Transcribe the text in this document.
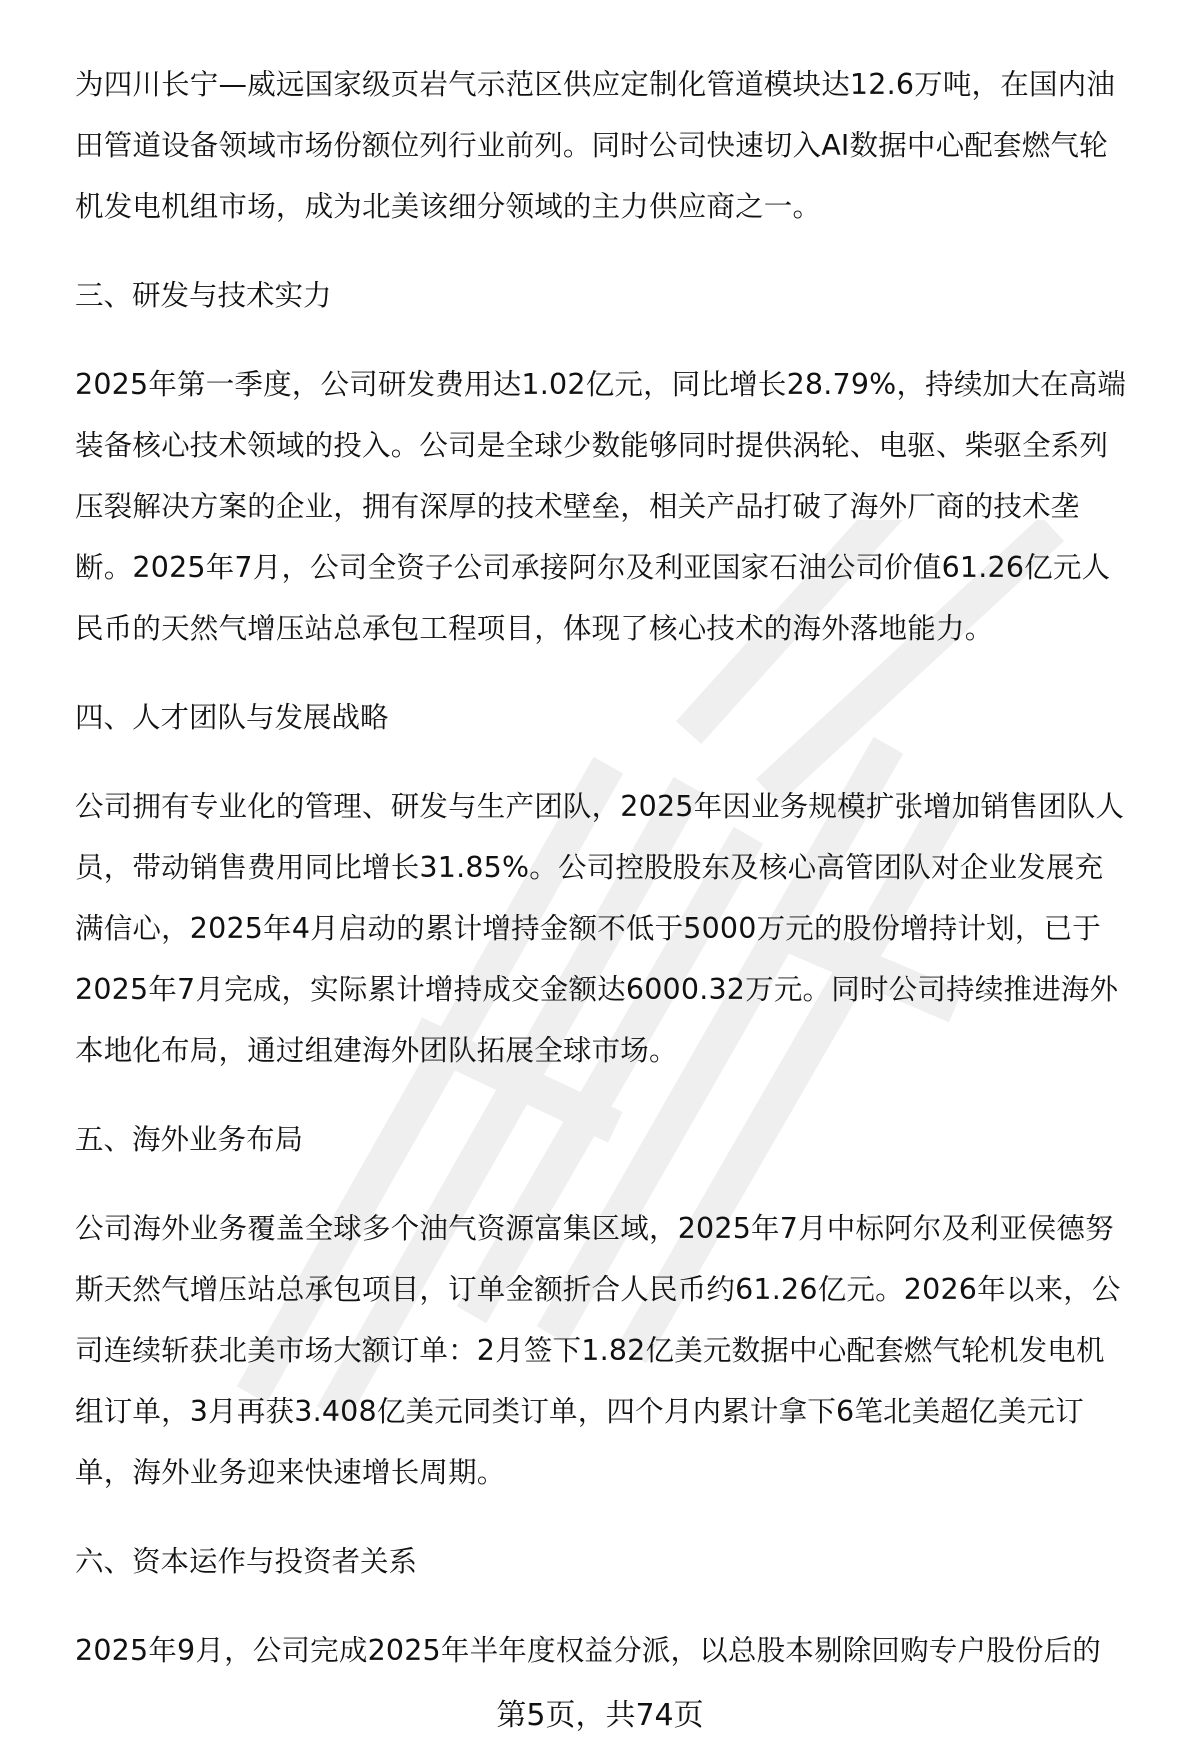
为四川长宁—威远国家级页岩气示范区供应定制化管道模块达12.6万吨，在国内油

田管道设备领域市场份额位列行业前列。同时公司快速切入AI数据中心配套燃气轮

机发电机组市场，成为北美该细分领域的主力供应商之一。

三、研发与技术实力

2025年第一季度，公司研发费用达1.02亿元，同比增长28.79%，持续加大在高端

装备核心技术领域的投入。公司是全球少数能够同时提供涡轮、电驱、柴驱全系列

压裂解决方案的企业，拥有深厚的技术壁垒，相关产品打破了海外厂商的技术垄

断。2025年7月，公司全资子公司承接阿尔及利亚国家石油公司价值61.26亿元人

民币的天然气增压站总承包工程项目，体现了核心技术的海外落地能力。

四、人才团队与发展战略

公司拥有专业化的管理、研发与生产团队，2025年因业务规模扩张增加销售团队人

员，带动销售费用同比增长31.85%。公司控股股东及核心高管团队对企业发展充

满信心，2025年4月启动的累计增持金额不低于5000万元的股份增持计划，已于

2025年7月完成，实际累计增持成交金额达6000.32万元。同时公司持续推进海外

本地化布局，通过组建海外团队拓展全球市场。

五、海外业务布局

公司海外业务覆盖全球多个油气资源富集区域，2025年7月中标阿尔及利亚侯德努

斯天然气增压站总承包项目，订单金额折合人民币约61.26亿元。2026年以来，公

司连续斩获北美市场大额订单：2月签下1.82亿美元数据中心配套燃气轮机发电机

组订单，3月再获3.408亿美元同类订单，四个月内累计拿下6笔北美超亿美元订

单，海外业务迎来快速增长周期。

六、资本运作与投资者关系

2025年9月，公司完成2025年半年度权益分派，以总股本剔除回购专户股份后的

第5页，共74页
